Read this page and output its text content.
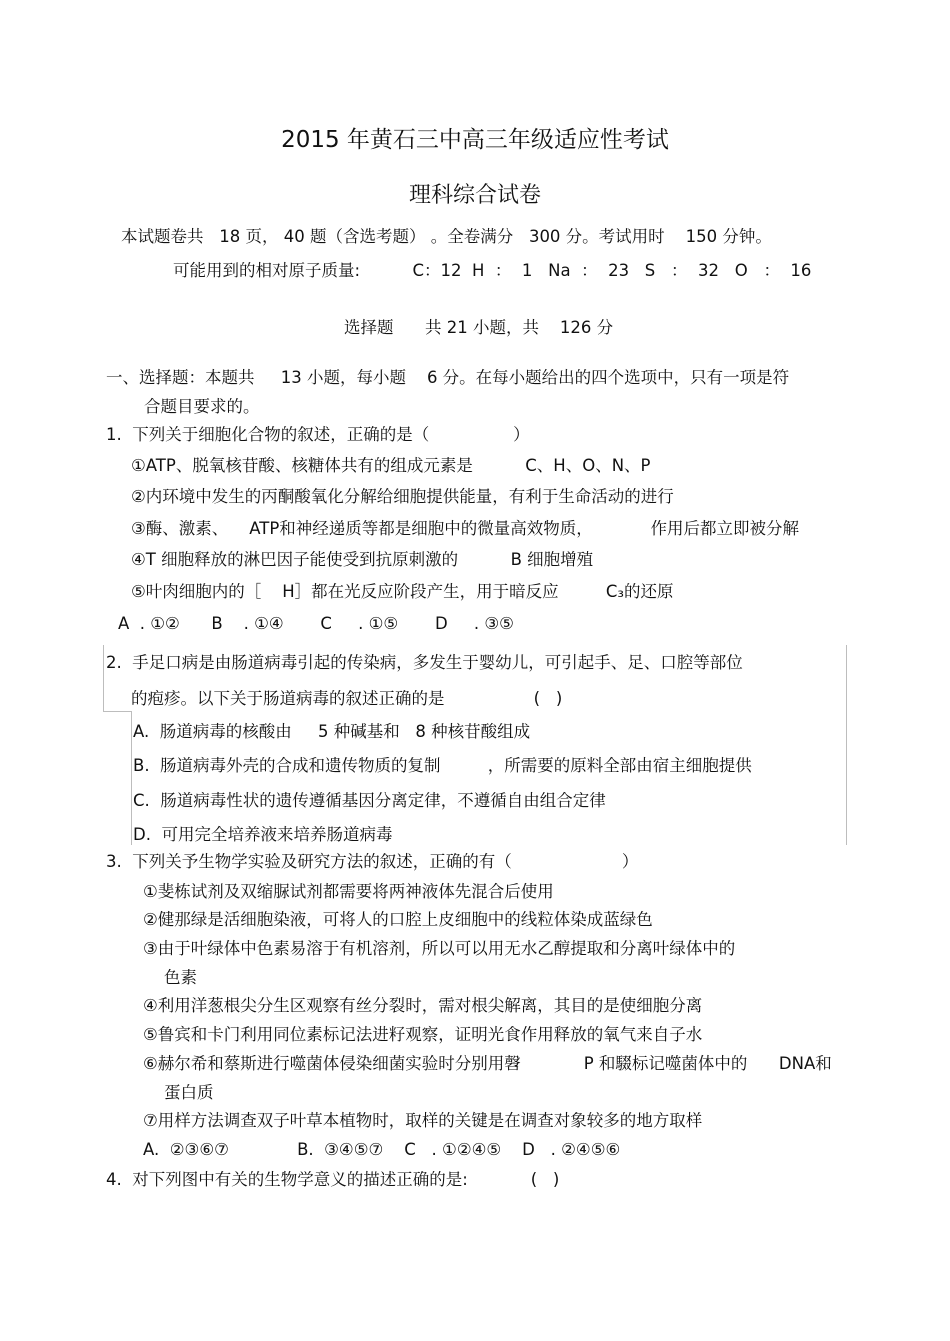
2015 年黄石三中高三年级适应性考试
理科综合试卷
本试题卷共   18 页， 40 题（含选考题） 。全卷满分   300 分。考试用时    150 分钟。
可能用到的相对原子质量:          C：12  H  ：  1   Na  ：  23   S   ：  32   O   ：  16
选择题      共 21 小题，共    126 分
一、选择题：本题共     13 小题，每小题    6 分。在每小题给出的四个选项中，只有一项是符
合题目要求的。
1.  下列关于细胞化合物的叙述，正确的是（                ）
①ATP、脱氧核苷酸、核糖体共有的组成元素是          C、H、O、N、P
②内环境中发生的丙酮酸氧化分解给细胞提供能量，有利于生命活动的进行
③酶、激素、    ATP和神经递质等都是细胞中的微量高效物质，           作用后都立即被分解
④T 细胞释放的淋巴因子能使受到抗原刺激的          B 细胞增殖
⑤叶肉细胞内的［    H］都在光反应阶段产生，用于暗反应         C₃的还原
A  . ①②      B    . ①④       C     . ①⑤       D     . ③⑤
2.  手足口病是由肠道病毒引起的传染病，多发生于婴幼儿，可引起手、足、口腔等部位
的疱疹。以下关于肠道病毒的叙述正确的是                 (   )
A.  肠道病毒的核酸由     5 种碱基和   8 种核苷酸组成
B.  肠道病毒外壳的合成和遗传物质的复制         ，所需要的原料全部由宿主细胞提供
C.  肠道病毒性状的遗传遵循基因分离定律，不遵循自由组合定律
D.  可用完全培养液来培养肠道病毒
3.  下列关予生物学实验及研究方法的叙述，正确的有（                     ）
①斐栋试剂及双缩脲试剂都需要将两神液体先混合后使用
②健那绿是活细胞染液，可将人的口腔上皮细胞中的线粒体染成蓝绿色
③由于叶绿体中色素易溶于有机溶剂，所以可以用无水乙醇提取和分离叶绿体中的
色素
④利用洋葱根尖分生区观察有丝分裂时，需对根尖解离，其目的是使细胞分离
⑤鲁宾和卡门利用同位素标记法进籽观察，证明光食作用释放的氧气来自子水
⑥赫尔希和蔡斯进行噬菌体侵染细菌实验时分别用㲈            P 和䮕标记噬菌体中的      DNA和
蛋白质
⑦用样方法调查双子叶草本植物时，取样的关键是在调查对象较多的地方取样
A.  ②③⑥⑦             B.  ③④⑤⑦    C   . ①②④⑤    D   . ②④⑤⑥
4.  对下列图中有关的生物学意义的描述正确的是:            (   )
